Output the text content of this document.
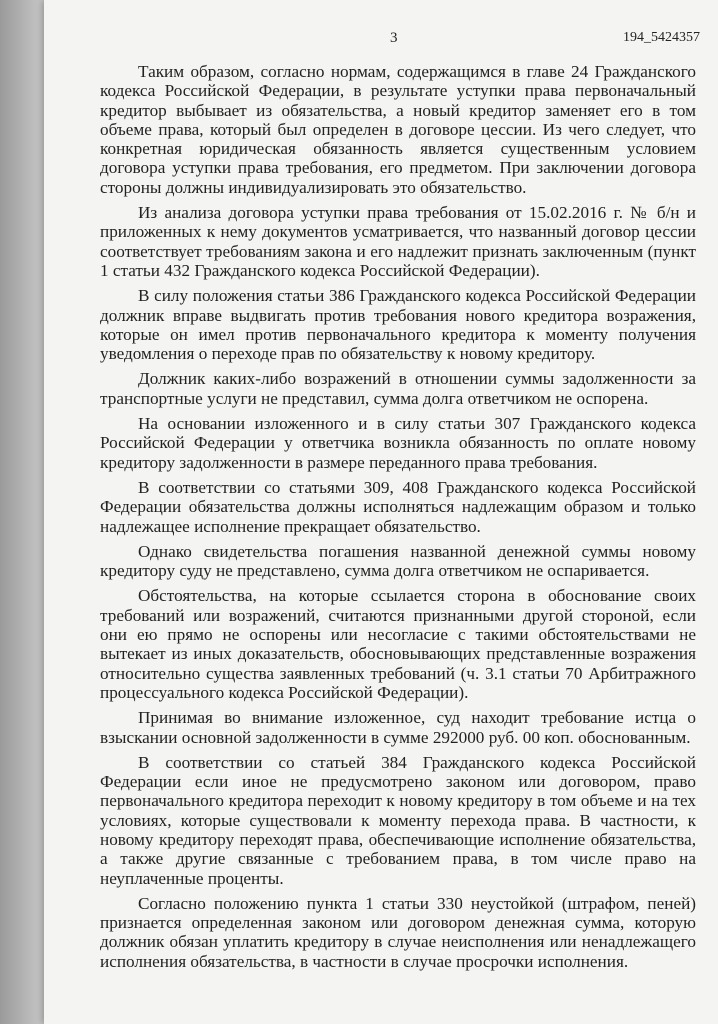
3	194_5424357

Таким образом, согласно нормам, содержащимся в главе 24 Гражданского кодекса Российской Федерации, в результате уступки права первоначальный кредитор выбывает из обязательства, а новый кредитор заменяет его в том объеме права, который был определен в договоре цессии. Из чего следует, что конкретная юридическая обязанность является существенным условием договора уступки права требования, его предметом. При заключении договора стороны должны индивидуализировать это обязательство.

Из анализа договора уступки права требования от 15.02.2016 г. № б/н и приложенных к нему документов усматривается, что названный договор цессии соответствует требованиям закона и его надлежит признать заключенным (пункт 1 статьи 432 Гражданского кодекса Российской Федерации).

В силу положения статьи 386 Гражданского кодекса Российской Федерации должник вправе выдвигать против требования нового кредитора возражения, которые он имел против первоначального кредитора к моменту получения уведомления о переходе прав по обязательству к новому кредитору.

Должник каких-либо возражений в отношении суммы задолженности за транспортные услуги не представил, сумма долга ответчиком не оспорена.

На основании изложенного и в силу статьи 307 Гражданского кодекса Российской Федерации у ответчика возникла обязанность по оплате новому кредитору задолженности в размере переданного права требования.

В соответствии со статьями 309, 408 Гражданского кодекса Российской Федерации обязательства должны исполняться надлежащим образом и только надлежащее исполнение прекращает обязательство.

Однако свидетельства погашения названной денежной суммы новому кредитору суду не представлено, сумма долга ответчиком не оспаривается.

Обстоятельства, на которые ссылается сторона в обоснование своих требований или возражений, считаются признанными другой стороной, если они ею прямо не оспорены или несогласие с такими обстоятельствами не вытекает из иных доказательств, обосновывающих представленные возражения относительно существа заявленных требований (ч. 3.1 статьи 70 Арбитражного процессуального кодекса Российской Федерации).

Принимая во внимание изложенное, суд находит требование истца о взыскании основной задолженности в сумме 292000 руб. 00 коп. обоснованным.

В соответствии со статьей 384 Гражданского кодекса Российской Федерации если иное не предусмотрено законом или договором, право первоначального кредитора переходит к новому кредитору в том объеме и на тех условиях, которые существовали к моменту перехода права. В частности, к новому кредитору переходят права, обеспечивающие исполнение обязательства, а также другие связанные с требованием права, в том числе право на неуплаченные проценты.

Согласно положению пункта 1 статьи 330 неустойкой (штрафом, пеней) признается определенная законом или договором денежная сумма, которую должник обязан уплатить кредитору в случае неисполнения или ненадлежащего исполнения обязательства, в частности в случае просрочки исполнения.
